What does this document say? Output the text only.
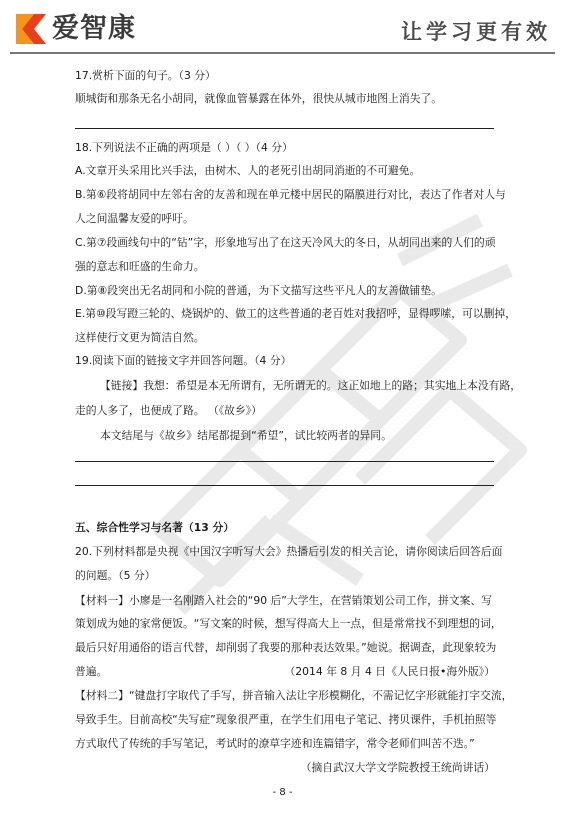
爱智康	让学习更有效
17.赏析下面的句子。（3 分）
顺城街和那条无名小胡同，就像血管暴露在体外，很快从城市地图上消失了。
18.下列说法不正确的两项是（ ）（ ）（4 分）
A.文章开头采用比兴手法，由树木、人的老死引出胡同消逝的不可避免。
B.第⑥段将胡同中左邻右舍的友善和现在单元楼中居民的隔膜进行对比，表达了作者对人与
人之间温馨友爱的呼吁。
C.第⑦段画线句中的“钻”字，形象地写出了在这天冷风大的冬日，从胡同出来的人们的顽
强的意志和旺盛的生命力。
D.第⑧段突出无名胡同和小院的普通，为下文描写这些平凡人的友善做铺垫。
E.第⑩段写蹬三轮的、烧锅炉的、做工的这些普通的老百姓对我招呼，显得啰嗦，可以删掉，
这样使行文更为简洁自然。
19.阅读下面的链接文字并回答问题。（4 分）
【链接】我想：希望是本无所谓有，无所谓无的。这正如地上的路；其实地上本没有路，
走的人多了，也便成了路。 （《故乡》）
本文结尾与《故乡》结尾都提到“希望”，试比较两者的异同。
五、综合性学习与名著（13 分）
20.下列材料都是央视《中国汉字听写大会》热播后引发的相关言论，请你阅读后回答后面
的问题。（5 分）
【材料一】小廖是一名刚踏入社会的“90 后”大学生，在营销策划公司工作，拼文案、写
策划成为她的家常便饭。“写文案的时候，想写得高大上一点，但是常常找不到理想的词，
最后只好用通俗的语言代替，却削弱了我要的那种表达效果。”她说。据调查，此现象较为
普遍。	（2014 年 8 月 4 日《人民日报•海外版》）
【材料二】“键盘打字取代了手写，拼音输入法让字形模糊化，不需记忆字形就能打字交流，
导致手生。目前高校“失写症”现象很严重，在学生们用电子笔记、拷贝课件，手机拍照等
方式取代了传统的手写笔记，考试时的潦草字迹和连篇错字，常令老师们叫苦不迭。”
（摘自武汉大学文学院教授王统尚讲话）
- 8 -
